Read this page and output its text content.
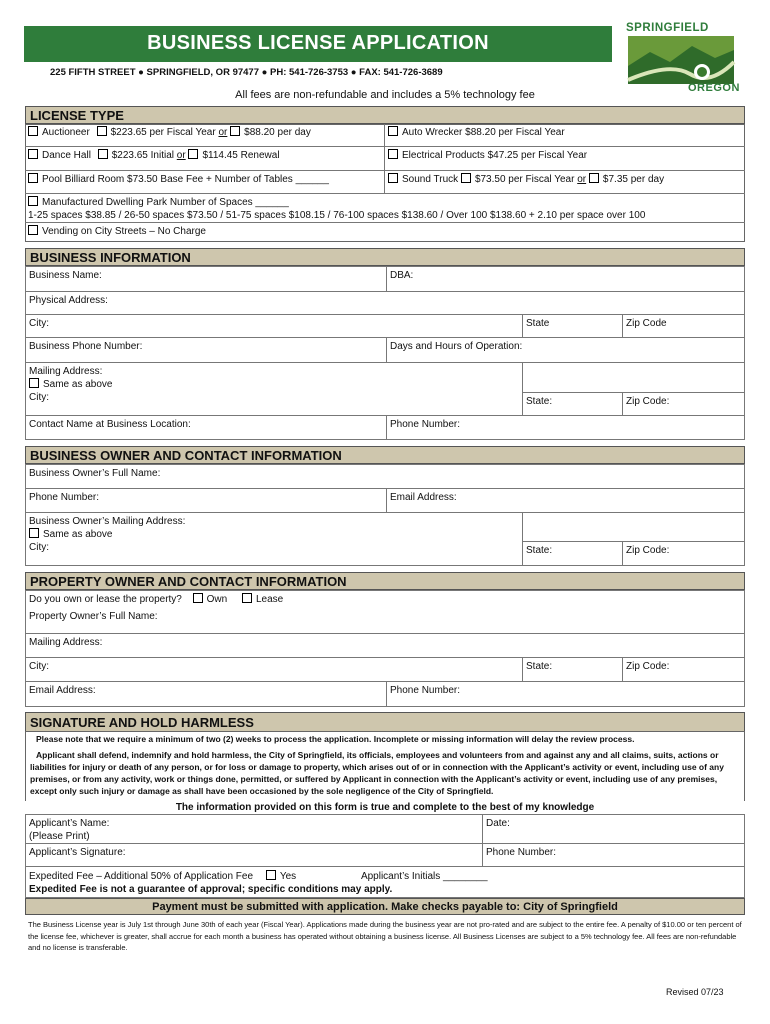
BUSINESS LICENSE APPLICATION
225 FIFTH STREET ● SPRINGFIELD, OR 97477 ● PH: 541-726-3753 ● FAX: 541-726-3689
SPRINGFIELD
OREGON
All fees are non-refundable and includes a 5% technology fee
LICENSE TYPE
Auctioneer $223.65 per Fiscal Year or $88.20 per day	Auto Wrecker $88.20 per Fiscal Year
Dance Hall $223.65 Initial or $114.45 Renewal	Electrical Products $47.25 per Fiscal Year
Pool Billiard Room $73.50 Base Fee + Number of Tables ______	Sound Truck $73.50 per Fiscal Year or $7.35 per day
Manufactured Dwelling Park Number of Spaces ______
1-25 spaces $38.85 / 26-50 spaces $73.50 / 51-75 spaces $108.15 / 76-100 spaces $138.60 / Over 100 $138.60 + 2.10 per space over 100
Vending on City Streets – No Charge
BUSINESS INFORMATION
Business Name:	DBA:
Physical Address:
City:	State	Zip Code
Business Phone Number:	Days and Hours of Operation:
Mailing Address:
Same as above
City:	State:	Zip Code:
Contact Name at Business Location:	Phone Number:
BUSINESS OWNER AND CONTACT INFORMATION
Business Owner’s Full Name:
Phone Number:	Email Address:
Business Owner’s Mailing Address:
Same as above
City:	State:	Zip Code:
PROPERTY OWNER AND CONTACT INFORMATION
Do you own or lease the property? Own	Lease
Property Owner’s Full Name:
Mailing Address:
City:	State:	Zip Code:
Email Address:	Phone Number:
SIGNATURE AND HOLD HARMLESS
Please note that we require a minimum of two (2) weeks to process the application. Incomplete or missing information will delay the review process.
Applicant shall defend, indemnify and hold harmless, the City of Springfield, its officials, employees and volunteers from and against any and all claims, suits, actions or liabilities for injury or death of any person, or for loss or damage to property, which arises out of or in connection with the Applicant’s activity or event, including use of any premises, or from any activity, work or things done, permitted, or suffered by Applicant in connection with the Applicant’s activity or event, including use of any premises, except only such injury or damage as shall have been occasioned by the sole negligence of the City of Springfield.
The information provided on this form is true and complete to the best of my knowledge
Applicant’s Name:
(Please Print)
Date:
Applicant’s Signature:	Phone Number:
Expedited Fee – Additional 50% of Application Fee	Yes	Applicant’s Initials ________
Expedited Fee is not a guarantee of approval; specific conditions may apply.
Payment must be submitted with application. Make checks payable to: City of Springfield
The Business License year is July 1st through June 30th of each year (Fiscal Year). Applications made during the business year are not pro-rated and are subject to the entire fee. A penalty of $10.00 or ten percent of the license fee, whichever is greater, shall accrue for each month a business has operated without obtaining a business license. All Business Licenses are subject to a 5% technology fee. All fees are non-refundable and no license is transferable.
Revised 07/23
